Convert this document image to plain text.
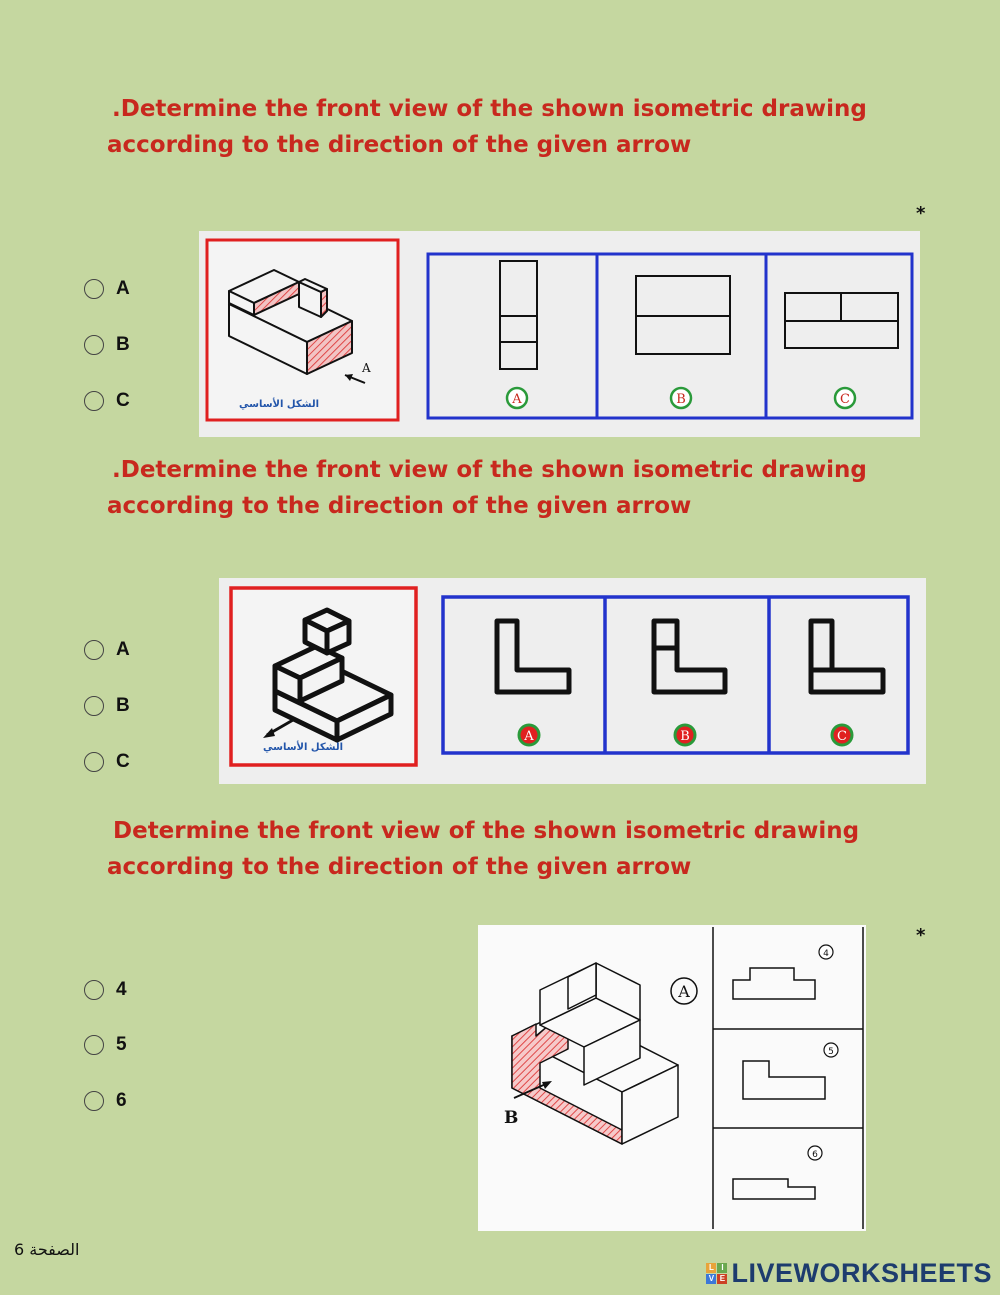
.Determine the front view of the shown isometric drawing
according to the direction of the given arrow
*
A
B
C
A
الشكل الأساسي	A	B	C
.Determine the front view of the shown isometric drawing
according to the direction of the given arrow
A
B
C
الشكل الأساسي
A	B	C
Determine the front view of the shown isometric drawing
according to the direction of the given arrow
*
4
5
6
B
A
4
5
6
الصفحة 6
L I
V E LIVEWORKSHEETS
